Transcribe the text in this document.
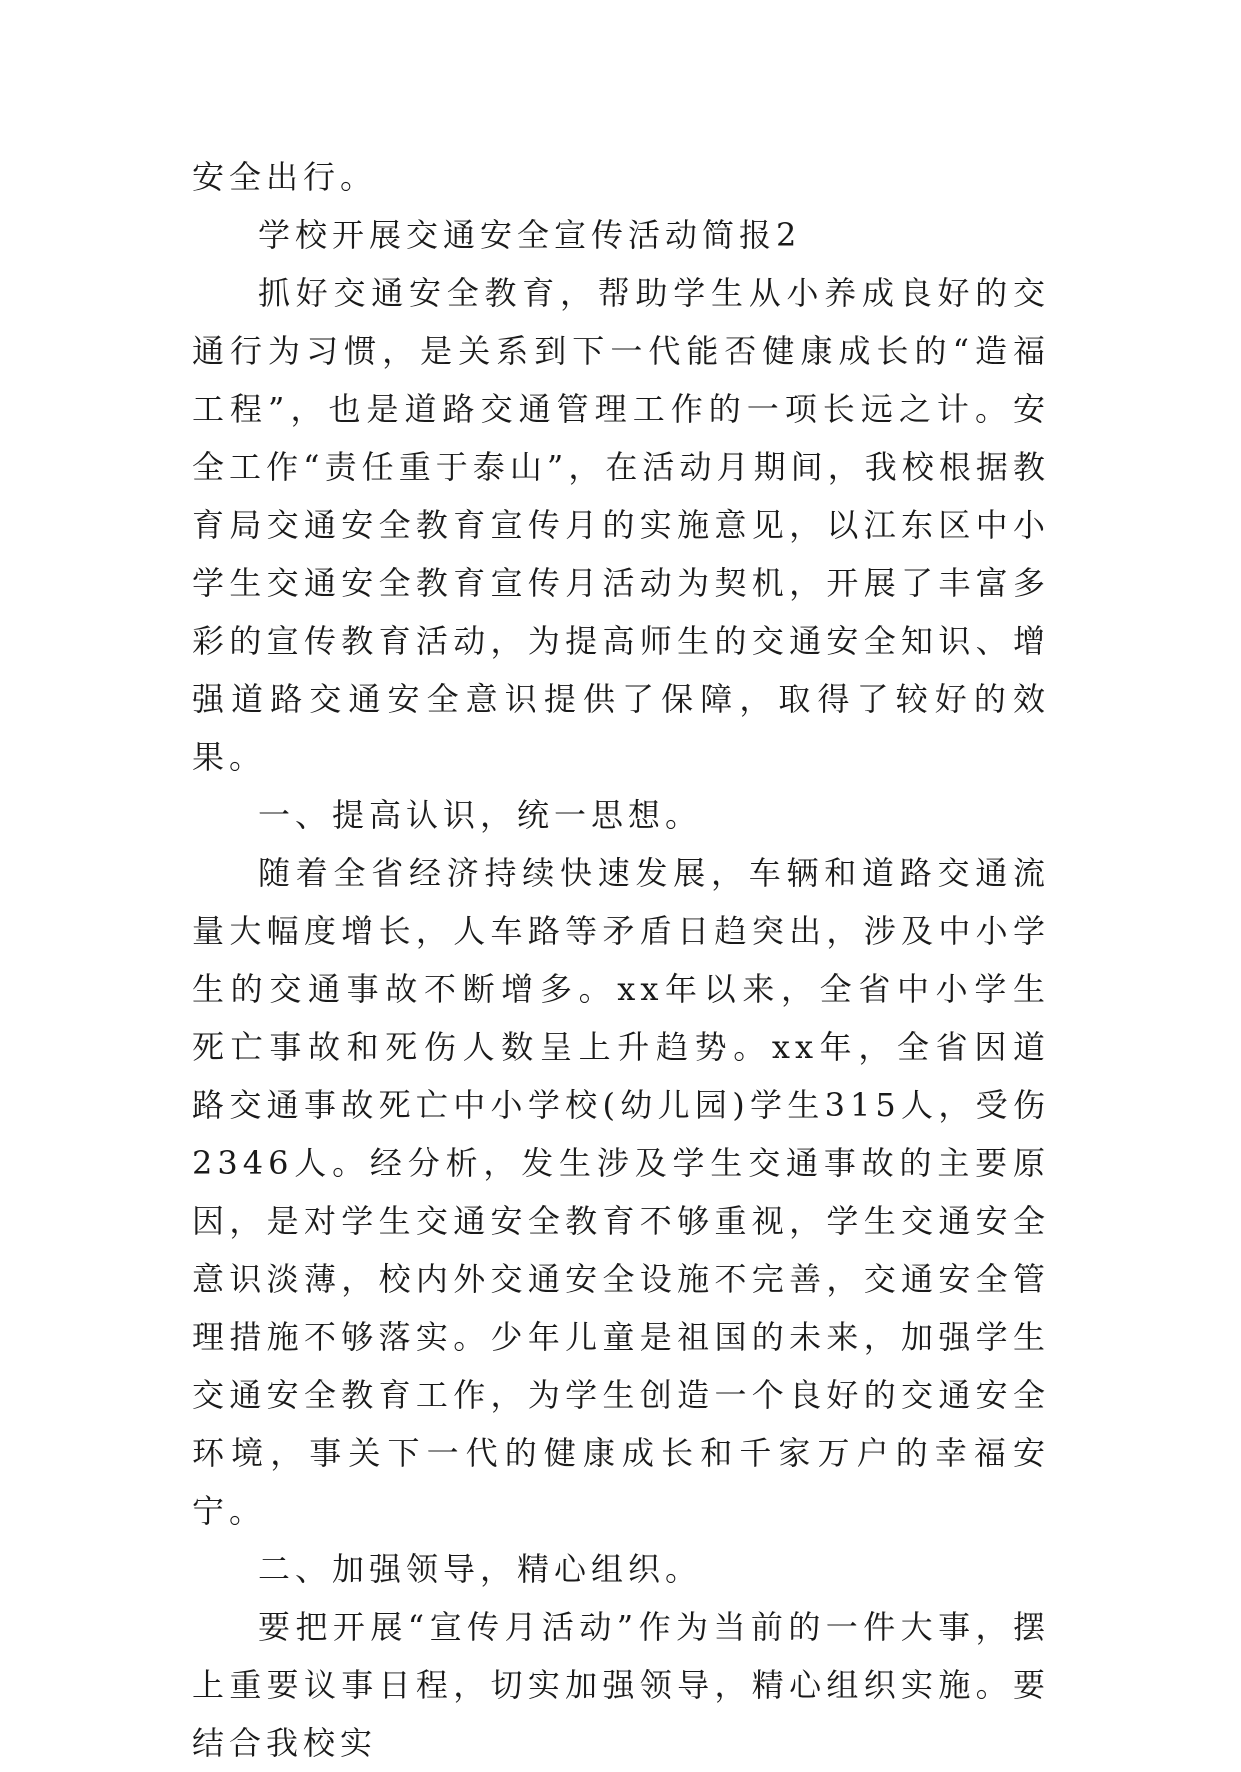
安全出行。

学校开展交通安全宣传活动简报2

抓好交通安全教育，帮助学生从小养成良好的交通行为习惯，是关系到下一代能否健康成长的“造福工程”，也是道路交通管理工作的一项长远之计。安全工作“责任重于泰山”，在活动月期间，我校根据教育局交通安全教育宣传月的实施意见，以江东区中小学生交通安全教育宣传月活动为契机，开展了丰富多彩的宣传教育活动，为提高师生的交通安全知识、增强道路交通安全意识提供了保障，取得了较好的效果。

一、提高认识，统一思想。

随着全省经济持续快速发展，车辆和道路交通流量大幅度增长，人车路等矛盾日趋突出，涉及中小学生的交通事故不断增多。xx年以来，全省中小学生死亡事故和死伤人数呈上升趋势。xx年，全省因道路交通事故死亡中小学校(幼儿园)学生315人，受伤2346人。经分析，发生涉及学生交通事故的主要原因，是对学生交通安全教育不够重视，学生交通安全意识淡薄，校内外交通安全设施不完善，交通安全管理措施不够落实。少年儿童是祖国的未来，加强学生交通安全教育工作，为学生创造一个良好的交通安全环境，事关下一代的健康成长和千家万户的幸福安宁。

二、加强领导，精心组织。

要把开展“宣传月活动”作为当前的一件大事，摆上重要议事日程，切实加强领导，精心组织实施。要结合我校实
